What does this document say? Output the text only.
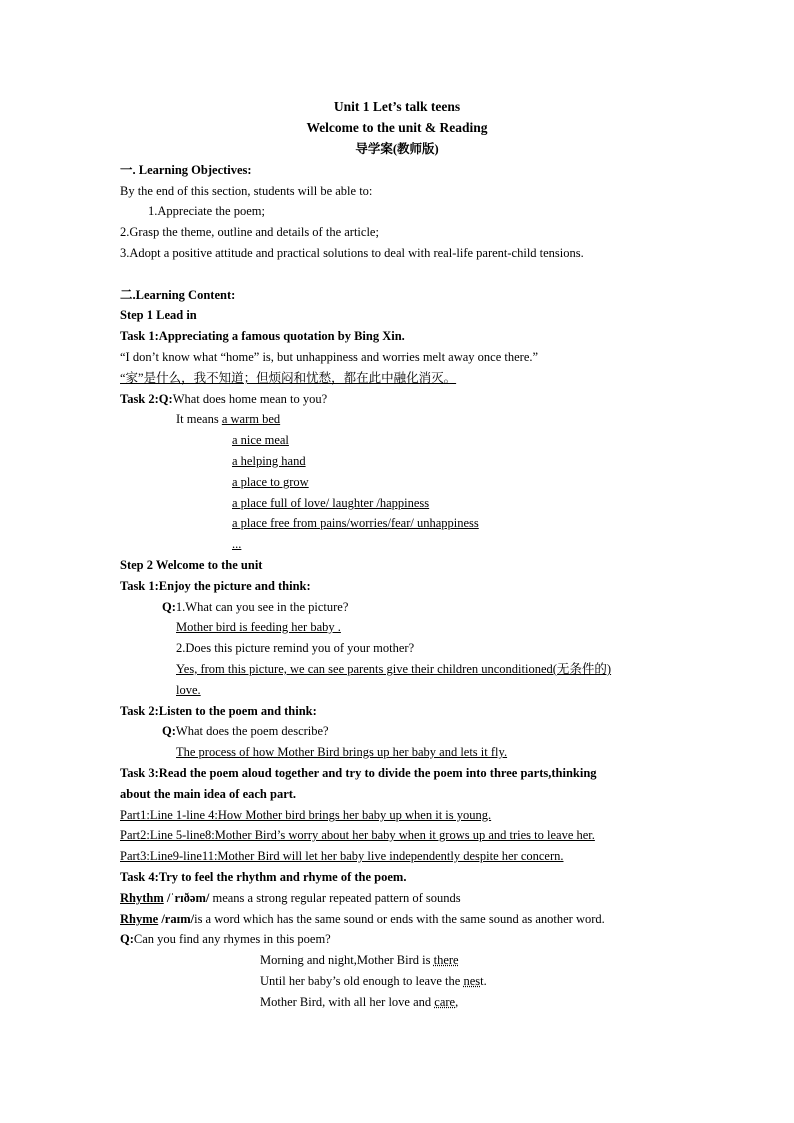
Unit 1 Let’s talk teens
Welcome to the unit & Reading
导学案(教师版)
一. Learning Objectives:
By the end of this section, students will be able to:
1.Appreciate the poem;
2.Grasp the theme, outline and details of the article;
3.Adopt a positive attitude and practical solutions to deal with real-life parent-child tensions.
二.Learning Content:
Step 1 Lead in
Task 1:Appreciating a famous quotation by Bing Xin.
“I don’t know what “home” is, but unhappiness and worries melt away once there.”
“家”是什么，我不知道；但烦闷和忧愁，都在此中融化消灭。
Task 2:Q:What does home mean to you?
It means a warm bed
a nice meal
a helping hand
a place to grow
a place full of love/ laughter /happiness
a place free from pains/worries/fear/ unhappiness
...
Step 2 Welcome to the unit
Task 1:Enjoy the picture and think:
Q:1.What can you see in the picture?
Mother bird is feeding her baby .
2.Does this picture remind you of your mother?
Yes, from this picture, we can see parents give their children unconditioned(无条件的)
love.
Task 2:Listen to the poem and think:
Q:What does the poem describe?
The process of how Mother Bird brings up her baby and lets it fly.
Task 3:Read the poem aloud together and try to divide the poem into three parts,thinking
about the main idea of each part.
Part1:Line 1-line 4:How Mother bird brings her baby up when it is young.
Part2:Line 5-line8:Mother Bird’s worry about her baby when it grows up and tries to leave her.
Part3:Line9-line11:Mother Bird will let her baby live independently despite her concern.
Task 4:Try to feel the rhythm and rhyme of the poem.
Rhythm /ˈrɪðəm/ means a strong regular repeated pattern of sounds
Rhyme /raɪm/is a word which has the same sound or ends with the same sound as another word.
Q:Can you find any rhymes in this poem?
Morning and night,Mother Bird is there
Until her baby’s old enough to leave the nest.
Mother Bird, with all her love and care,
